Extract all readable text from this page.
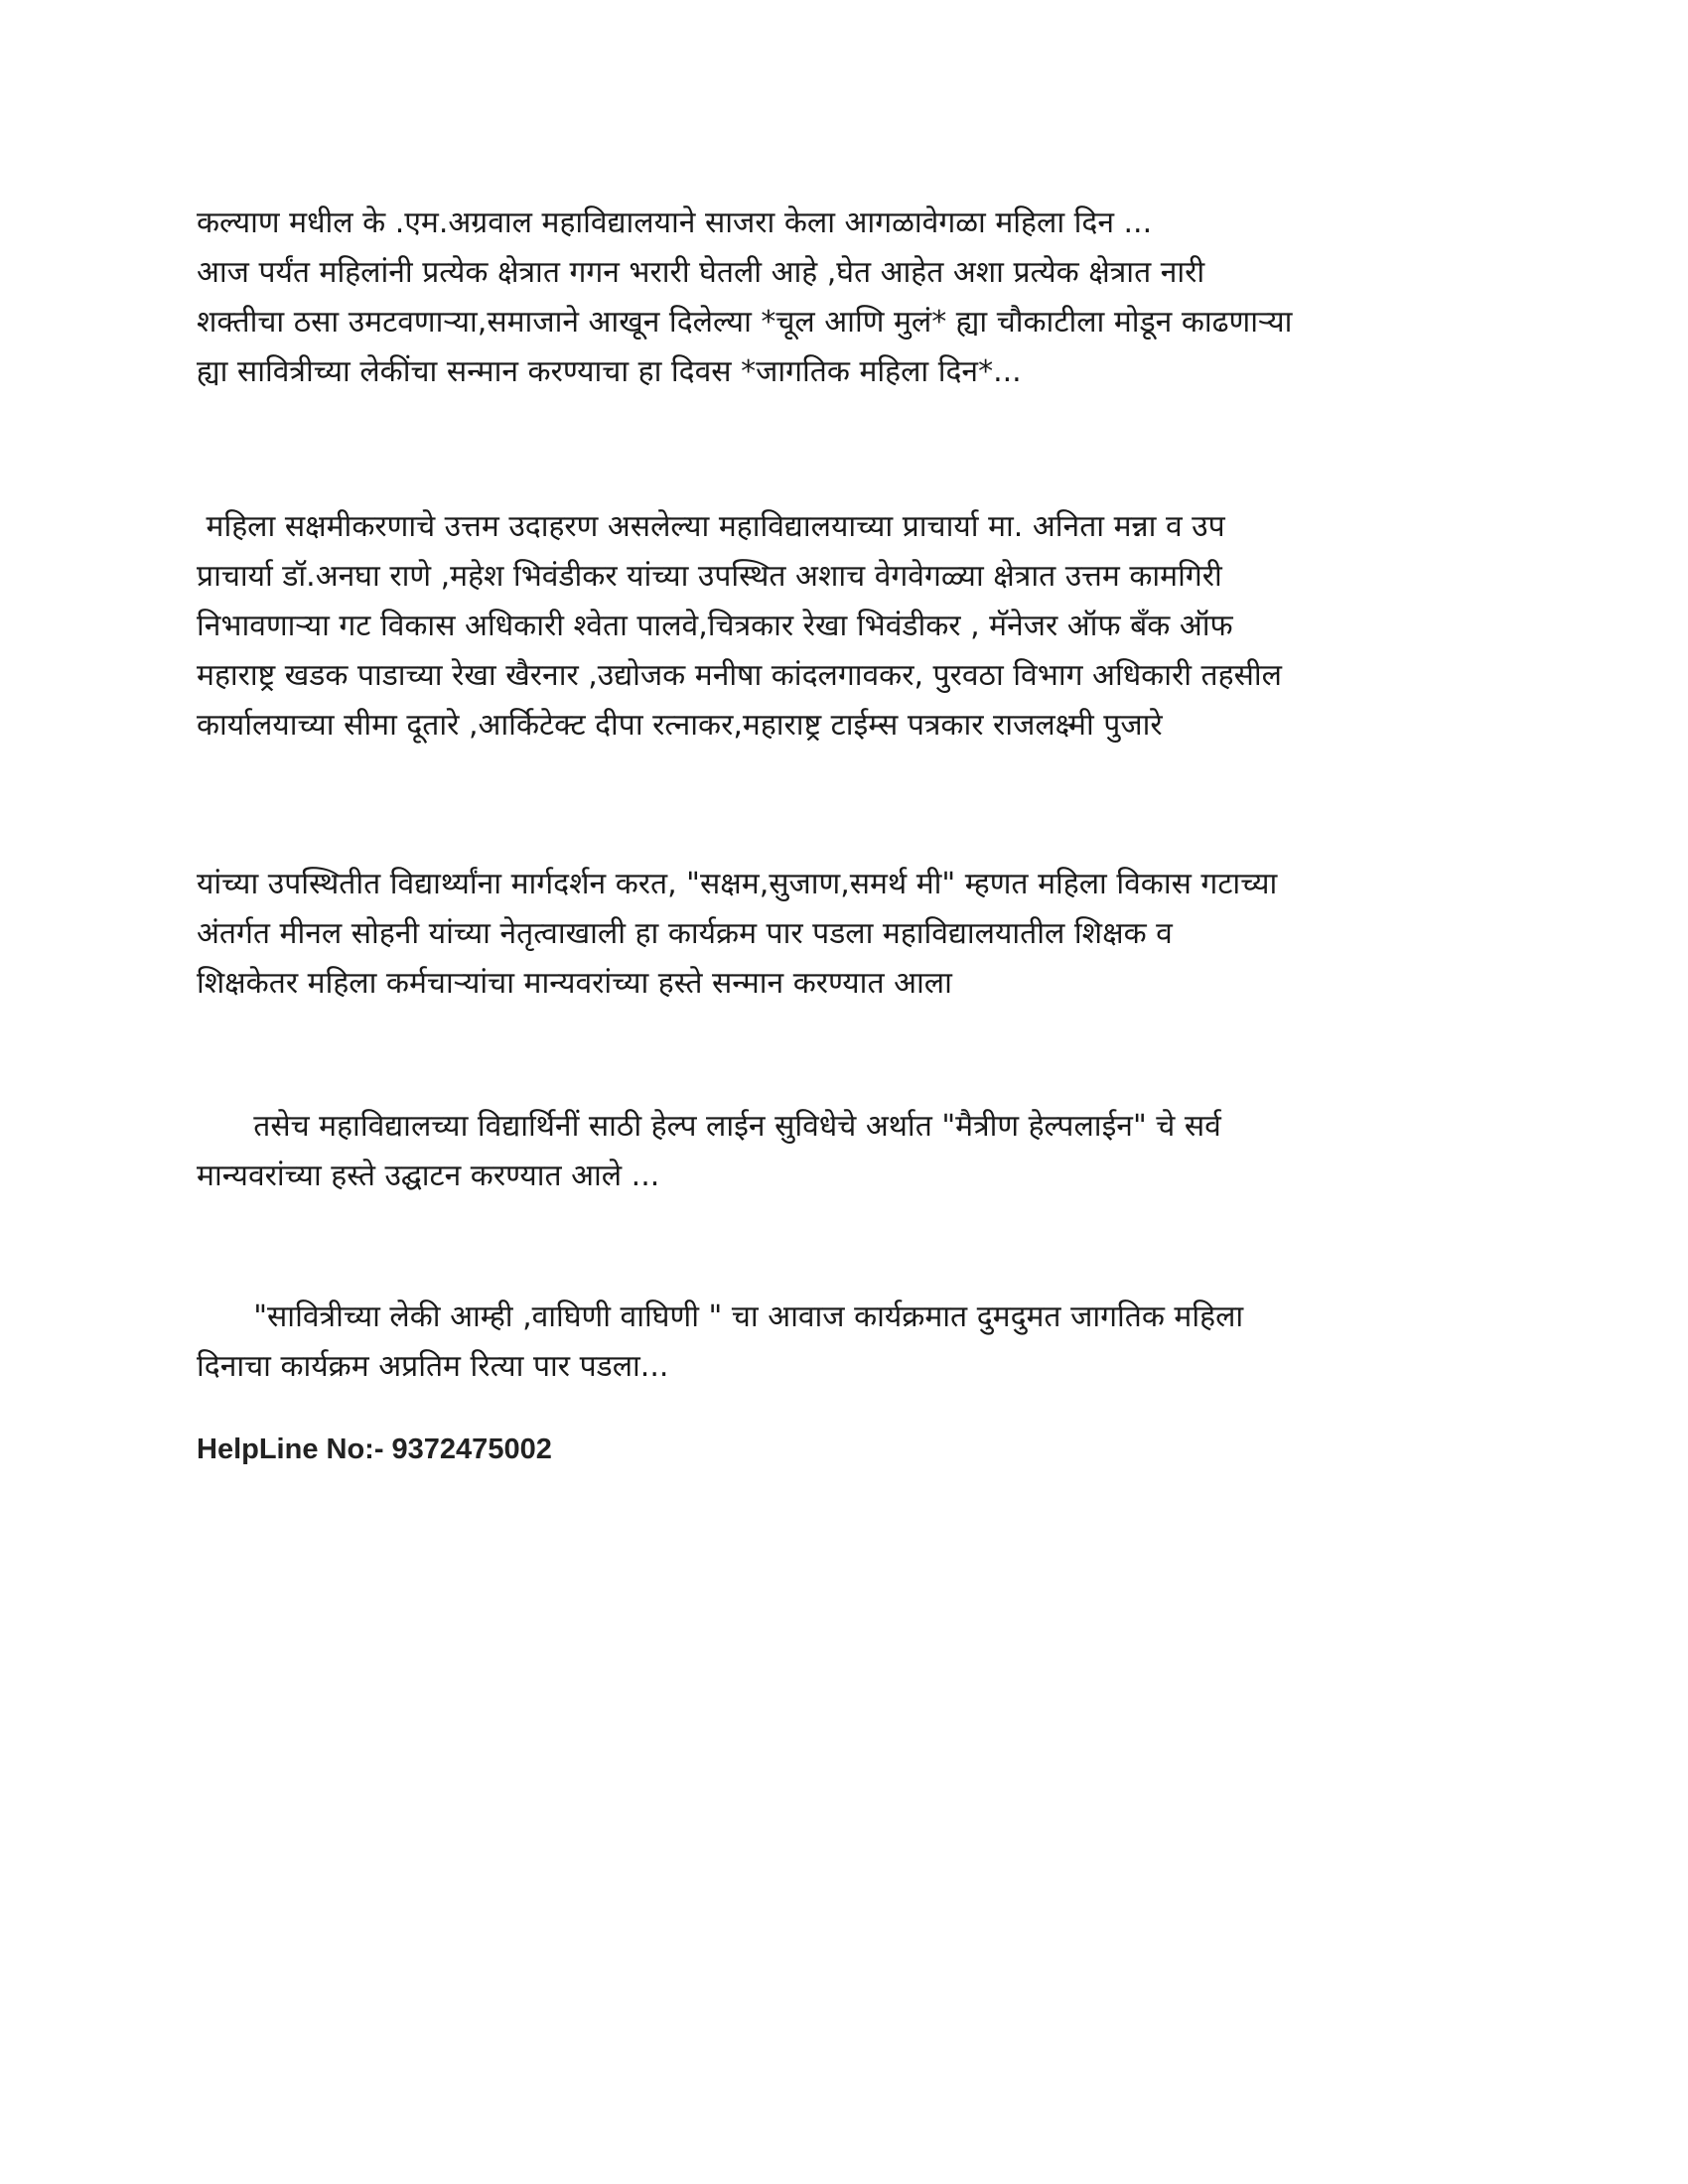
कल्याण मधील के .एम.अग्रवाल महाविद्यालयाने साजरा केला आगळावेगळा महिला दिन ...
आज पर्यंत महिलांनी प्रत्येक क्षेत्रात गगन भरारी घेतली आहे ,घेत आहेत अशा प्रत्येक क्षेत्रात नारी
शक्तीचा ठसा उमटवणाऱ्या,समाजाने आखून दिलेल्या *चूल आणि मुलं* ह्या चौकाटीला मोडून काढणाऱ्या
ह्या सावित्रीच्या लेकींचा सन्मान करण्याचा हा दिवस *जागतिक महिला दिन*...
महिला सक्षमीकरणाचे उत्तम उदाहरण असलेल्या महाविद्यालयाच्या प्राचार्या मा. अनिता मन्ना व उप
प्राचार्या डॉ.अनघा राणे ,महेश भिवंडीकर यांच्या उपस्थित अशाच वेगवेगळ्या क्षेत्रात उत्तम कामगिरी
निभावणाऱ्या गट विकास अधिकारी श्वेता पालवे,चित्रकार रेखा भिवंडीकर , मॅनेजर ऑफ बँक ऑफ
महाराष्ट्र खडक पाडाच्या रेखा खैरनार ,उद्योजक मनीषा कांदलगावकर, पुरवठा विभाग अधिकारी तहसील
कार्यालयाच्या सीमा दूतारे ,आर्किटेक्ट दीपा रत्नाकर,महाराष्ट्र टाईम्स पत्रकार राजलक्ष्मी पुजारे
यांच्या उपस्थितीत विद्यार्थ्यांना मार्गदर्शन करत, "सक्षम,सुजाण,समर्थ मी" म्हणत महिला विकास गटाच्या
अंतर्गत मीनल सोहनी यांच्या नेतृत्वाखाली हा कार्यक्रम पार पडला महाविद्यालयातील शिक्षक व
शिक्षकेतर महिला कर्मचाऱ्यांचा मान्यवरांच्या हस्ते सन्मान करण्यात आला
तसेच महाविद्यालच्या विद्यार्थिनीं साठी हेल्प लाईन सुविधेचे अर्थात "मैत्रीण हेल्पलाईन" चे सर्व
मान्यवरांच्या हस्ते उद्घाटन करण्यात आले ...
"सावित्रीच्या लेकी आम्ही ,वाघिणी वाघिणी " चा आवाज कार्यक्रमात दुमदुमत जागतिक महिला
दिनाचा कार्यक्रम अप्रतिम रित्या पार पडला...
HelpLine No:- 9372475002
